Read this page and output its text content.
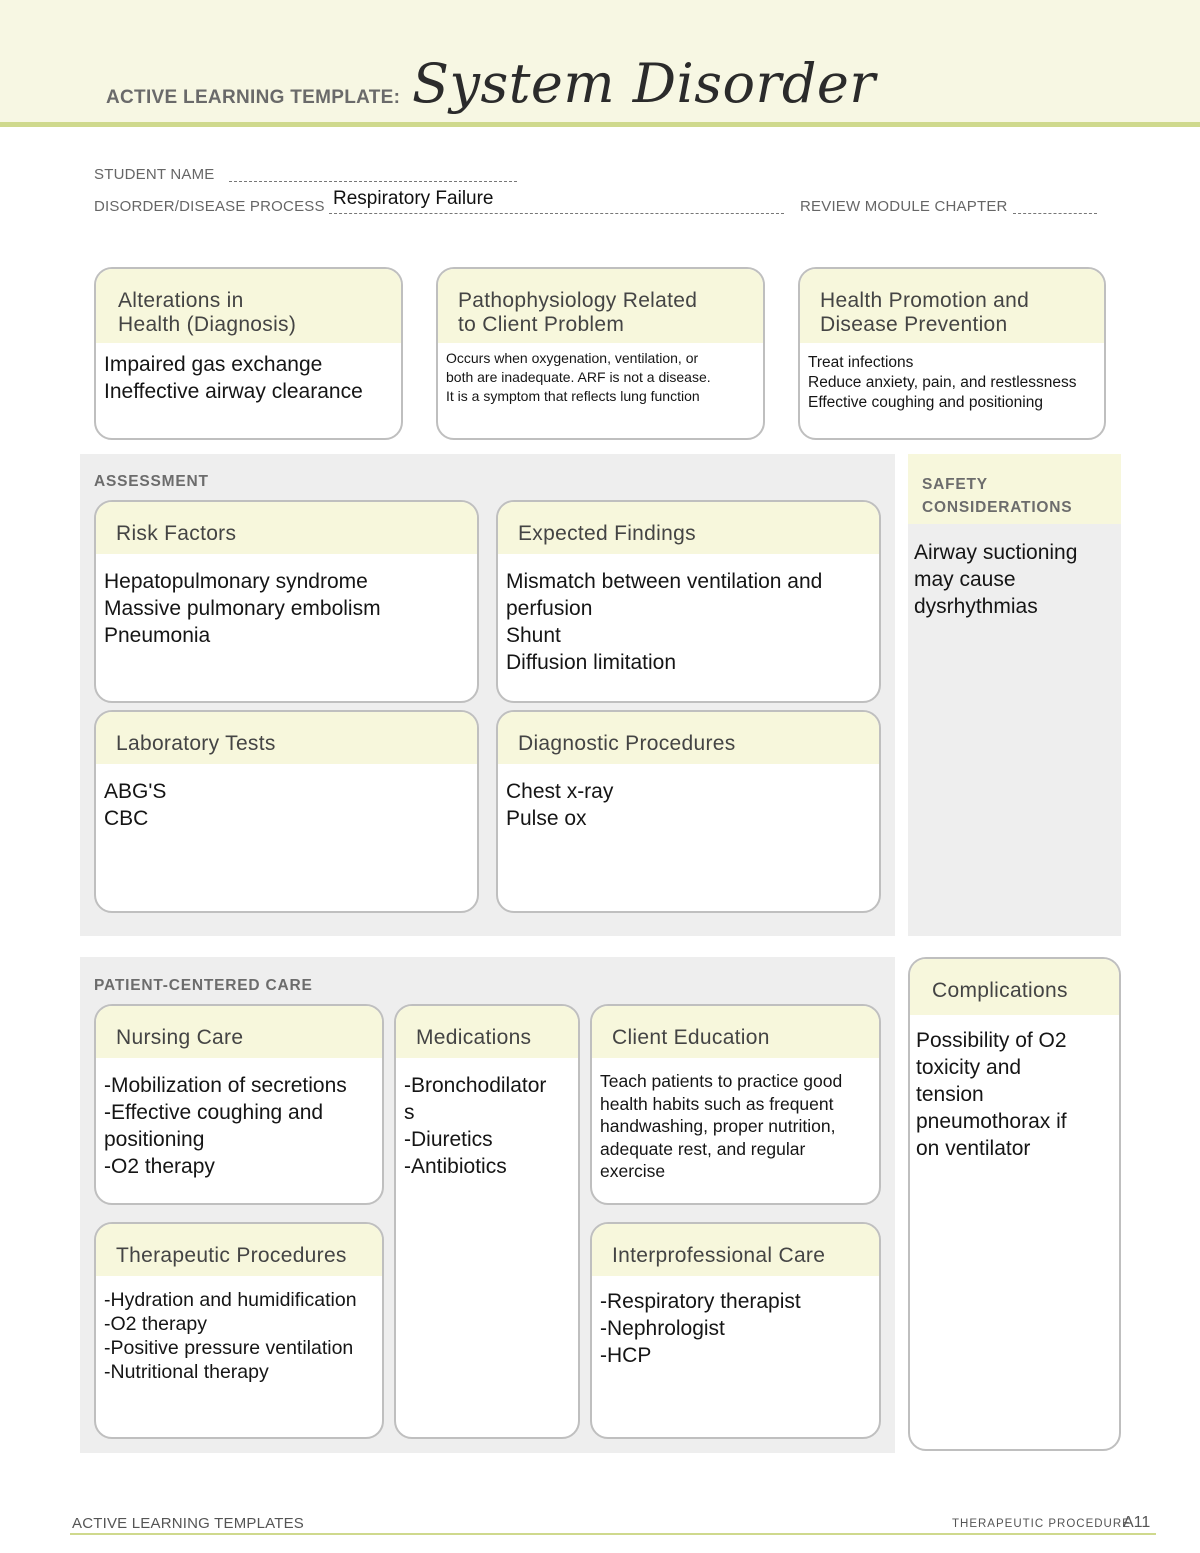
ACTIVE LEARNING TEMPLATE: System Disorder
STUDENT NAME
DISORDER/DISEASE PROCESS Respiratory Failure	REVIEW MODULE CHAPTER
Alterations in
Health (Diagnosis)
Impaired gas exchange
Ineffective airway clearance
Pathophysiology Related
to Client Problem
Occurs when oxygenation, ventilation, or
both are inadequate. ARF is not a disease.
It is a symptom that reflects lung function
Health Promotion and
Disease Prevention
Treat infections
Reduce anxiety, pain, and restlessness
Effective coughing and positioning
ASSESSMENT
Risk Factors
Hepatopulmonary syndrome
Massive pulmonary embolism
Pneumonia
Expected Findings
Mismatch between ventilation and
perfusion
Shunt
Diffusion limitation
Laboratory Tests
ABG'S
CBC
Diagnostic Procedures
Chest x-ray
Pulse ox
SAFETY
CONSIDERATIONS
Airway suctioning
may cause
dysrhythmias
PATIENT-CENTERED CARE
Nursing Care
-Mobilization of secretions
-Effective coughing and
positioning
-O2 therapy
Medications
-Bronchodilator
s
-Diuretics
-Antibiotics
Client Education
Teach patients to practice good
health habits such as frequent
handwashing, proper nutrition,
adequate rest, and regular
exercise
Therapeutic Procedures
-Hydration and humidification
-O2 therapy
-Positive pressure ventilation
-Nutritional therapy
Interprofessional Care
-Respiratory therapist
-Nephrologist
-HCP
Complications
Possibility of O2
toxicity and
tension
pneumothorax if
on ventilator
ACTIVE LEARNING TEMPLATES	THERAPEUTIC PROCEDURE
A11
